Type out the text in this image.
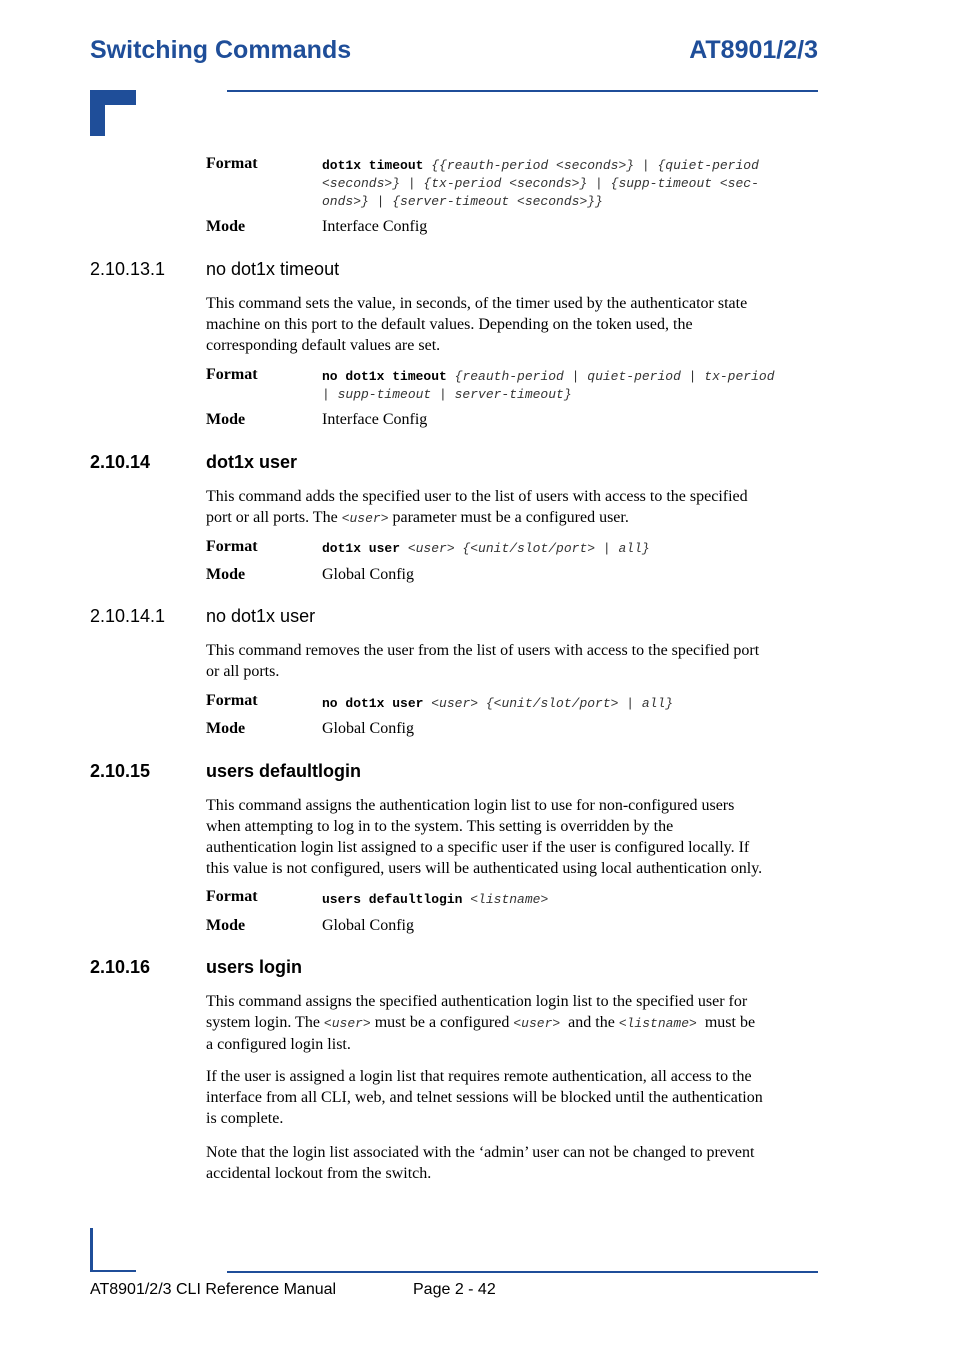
Switching Commands	AT8901/2/3
Format	dot1x timeout {{reauth-period <seconds>} | {quiet-period
<seconds>} | {tx-period <seconds>} | {supp-timeout <sec-
onds>} | {server-timeout <seconds>}}
Mode	Interface Config
2.10.13.1 no dot1x timeout
This command sets the value, in seconds, of the timer used by the authenticator state
machine on this port to the default values. Depending on the token used, the
corresponding default values are set.
Format	no dot1x timeout {reauth-period | quiet-period | tx-period
| supp-timeout | server-timeout}
Mode	Interface Config
2.10.14	dot1x user
This command adds the specified user to the list of users with access to the specified
port or all ports. The <user> parameter must be a configured user.
Format	dot1x user <user> {<unit/slot/port> | all}
Mode	Global Config
2.10.14.1 no dot1x user
This command removes the user from the list of users with access to the specified port
or all ports.
Format	no dot1x user <user> {<unit/slot/port> | all}
Mode	Global Config
2.10.15	users defaultlogin
This command assigns the authentication login list to use for non-configured users
when attempting to log in to the system. This setting is overridden by the
authentication login list assigned to a specific user if the user is configured locally. If
this value is not configured, users will be authenticated using local authentication only.
Format	users defaultlogin <listname>
Mode	Global Config
2.10.16	users login
This command assigns the specified authentication login list to the specified user for
system login. The <user> must be a configured <user>  and the <listname>  must be
a configured login list.
If the user is assigned a login list that requires remote authentication, all access to the
interface from all CLI, web, and telnet sessions will be blocked until the authentication
is complete.
Note that the login list associated with the ‘admin’ user can not be changed to prevent
accidental lockout from the switch.
AT8901/2/3 CLI Reference Manual	Page 2 - 42
